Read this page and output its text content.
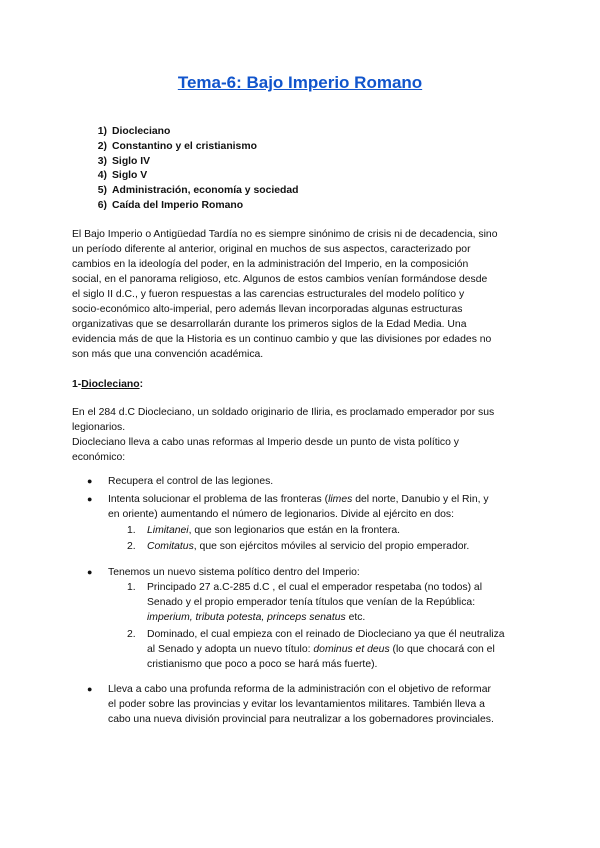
Tema-6: Bajo Imperio Romano
1) Diocleciano
2) Constantino y el cristianismo
3) Siglo IV
4) Siglo V
5) Administración, economía y sociedad
6) Caída del Imperio Romano
El Bajo Imperio o Antigüedad Tardía no es siempre sinónimo de crisis ni de decadencia, sino
un período diferente al anterior, original en muchos de sus aspectos, caracterizado por
cambios en la ideología del poder, en la administración del Imperio, en la composición
social, en el panorama religioso, etc. Algunos de estos cambios venían formándose desde
el siglo II d.C., y fueron respuestas a las carencias estructurales del modelo político y
socio-económico alto-imperial, pero además llevan incorporadas algunas estructuras
organizativas que se desarrollarán durante los primeros siglos de la Edad Media. Una
evidencia más de que la Historia es un continuo cambio y que las divisiones por edades no
son más que una convención académica.
1-Diocleciano:
En el 284 d.C Diocleciano, un soldado originario de Iliria, es proclamado emperador por sus
legionarios.
Diocleciano lleva a cabo unas reformas al Imperio desde un punto de vista político y
económico:
● Recupera el control de las legiones.
● Intenta solucionar el problema de las fronteras (limes del norte, Danubio y el Rin, y
en oriente) aumentando el número de legionarios. Divide al ejército en dos:
1. Limitanei, que son legionarios que están en la frontera.
2. Comitatus, que son ejércitos móviles al servicio del propio emperador.
● Tenemos un nuevo sistema político dentro del Imperio:
1. Principado 27 a.C-285 d.C , el cual el emperador respetaba (no todos) al
Senado y el propio emperador tenía títulos que venían de la República:
imperium, tributa potesta, princeps senatus etc.
2. Dominado, el cual empieza con el reinado de Diocleciano ya que él neutraliza
al Senado y adopta un nuevo título: dominus et deus (lo que chocará con el
cristianismo que poco a poco se hará más fuerte).
● Lleva a cabo una profunda reforma de la administración con el objetivo de reformar
el poder sobre las provincias y evitar los levantamientos militares. También lleva a
cabo una nueva división provincial para neutralizar a los gobernadores provinciales.
